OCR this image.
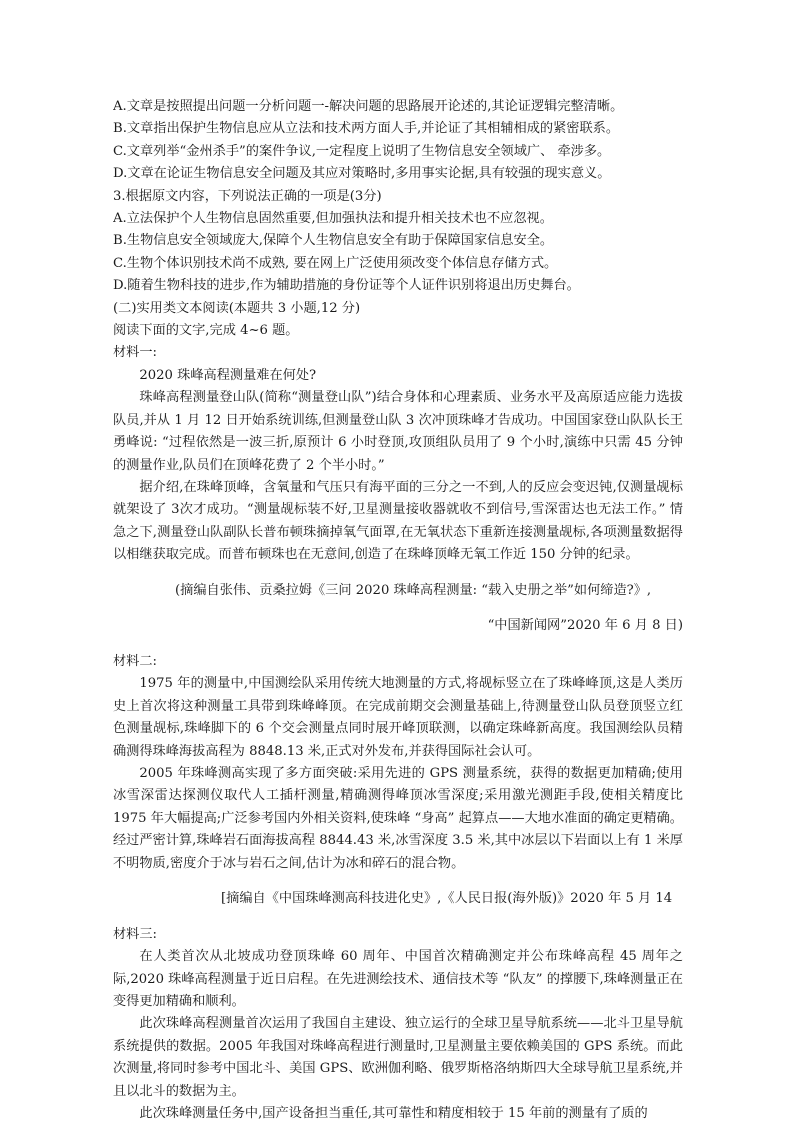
A.文章是按照提出问题一分析问题一-解决问题的思路展开论述的,其论证逻辑完整清晰。

B.文章指出保护生物信息应从立法和技术两方面人手,并论证了其相辅相成的紧密联系。

C.文章列举“金州杀手”的案件争议,一定程度上说明了生物信息安全领域广、 牵涉多。

D.文章在论证生物信息安全问题及其应对策略时,多用事实论据,具有较强的现实意义。

3.根据原文内容，下列说法正确的一项是(3分)

A.立法保护个人生物信息固然重要,但加强执法和提升相关技术也不应忽视。

B.生物信息安全领域庞大,保障个人生物信息安全有助于保障国家信息安全。

C.生物个体识别技术尚不成熟, 要在网上广泛使用须改变个体信息存储方式。

D.随着生物科技的进步,作为辅助措施的身份证等个人证件识别将退出历史舞台。

(二)实用类文本阅读(本题共 3 小题,12 分)

阅读下面的文字,完成 4~6 题。

材料一:

2020 珠峰高程测量难在何处?

珠峰高程测量登山队(简称“测量登山队”)结合身体和心理素质、业务水平及高原适应能力选拔队员,并从 1 月 12 日开始系统训练,但测量登山队 3 次冲顶珠峰才告成功。中国国家登山队队长王勇峰说: “过程依然是一波三折,原预计 6 小时登顶,攻顶组队员用了 9 个小时,演练中只需 45 分钟的测量作业,队员们在顶峰花费了 2 个半小时。”

据介绍,在珠峰顶峰，含氧量和气压只有海平面的三分之一不到,人的反应会变迟钝,仅测量觇标就架设了 3次才成功。“测量觇标装不好,卫星测量接收器就收不到信号,雪深雷达也无法工作。” 情急之下,测量登山队副队长普布顿珠摘掉氧气面罩,在无氧状态下重新连接测量觇标,各项测量数据得以相继获取完成。而普布顿珠也在无意间,创造了在珠峰顶峰无氧工作近 150 分钟的纪录。

(摘编自张伟、贡桑拉姆《三问 2020 珠峰高程测量: “载入史册之举”如何缔造?》,

“中国新闻网”2020 年 6 月 8 日)

材料二:

1975 年的测量中,中国测绘队采用传统大地测量的方式,将觇标竖立在了珠峰峰顶,这是人类历史上首次将这种测量工具带到珠峰峰顶。在完成前期交会测量基础上,待测量登山队员登顶竖立红色测量觇标,珠峰脚下的 6 个交会测量点同时展开峰顶联测，以确定珠峰新高度。我国测绘队员精确测得珠峰海拔高程为 8848.13 米,正式对外发布,并获得国际社会认可。

2005 年珠峰测高实现了多方面突破:采用先进的 GPS 测量系统，获得的数据更加精确;使用冰雪深雷达探测仪取代人工插杆测量,精确测得峰顶冰雪深度;采用激光测距手段,使相关精度比 1975 年大幅提高;广泛参考国内外相关资料,使珠峰 “身高” 起算点——大地水准面的确定更精确。经过严密计算,珠峰岩石面海拔高程 8844.43 米,冰雪深度 3.5 米,其中冰层以下岩面以上有 1 米厚不明物质,密度介于冰与岩石之间,估计为冰和碎石的混合物。

[摘编自《中国珠峰测高科技进化史》,《人民日报(海外版)》2020 年 5 月 14

材料三:

在人类首次从北坡成功登顶珠峰 60 周年、中国首次精确测定并公布珠峰高程 45 周年之际,2020 珠峰高程测量于近日启程。在先进测绘技术、通信技术等 “队友” 的撑腰下,珠峰测量正在变得更加精确和顺利。

此次珠峰高程测量首次运用了我国自主建设、独立运行的全球卫星导航系统——北斗卫星导航系统提供的数据。2005 年我国对珠峰高程进行测量时,卫星测量主要依赖美国的 GPS 系统。而此次测量,将同时参考中国北斗、美国 GPS、欧洲伽利略、俄罗斯格洛纳斯四大全球导航卫星系统,并且以北斗的数据为主。

此次珠峰测量任务中,国产设备担当重任,其可靠性和精度相较于 15 年前的测量有了质的
